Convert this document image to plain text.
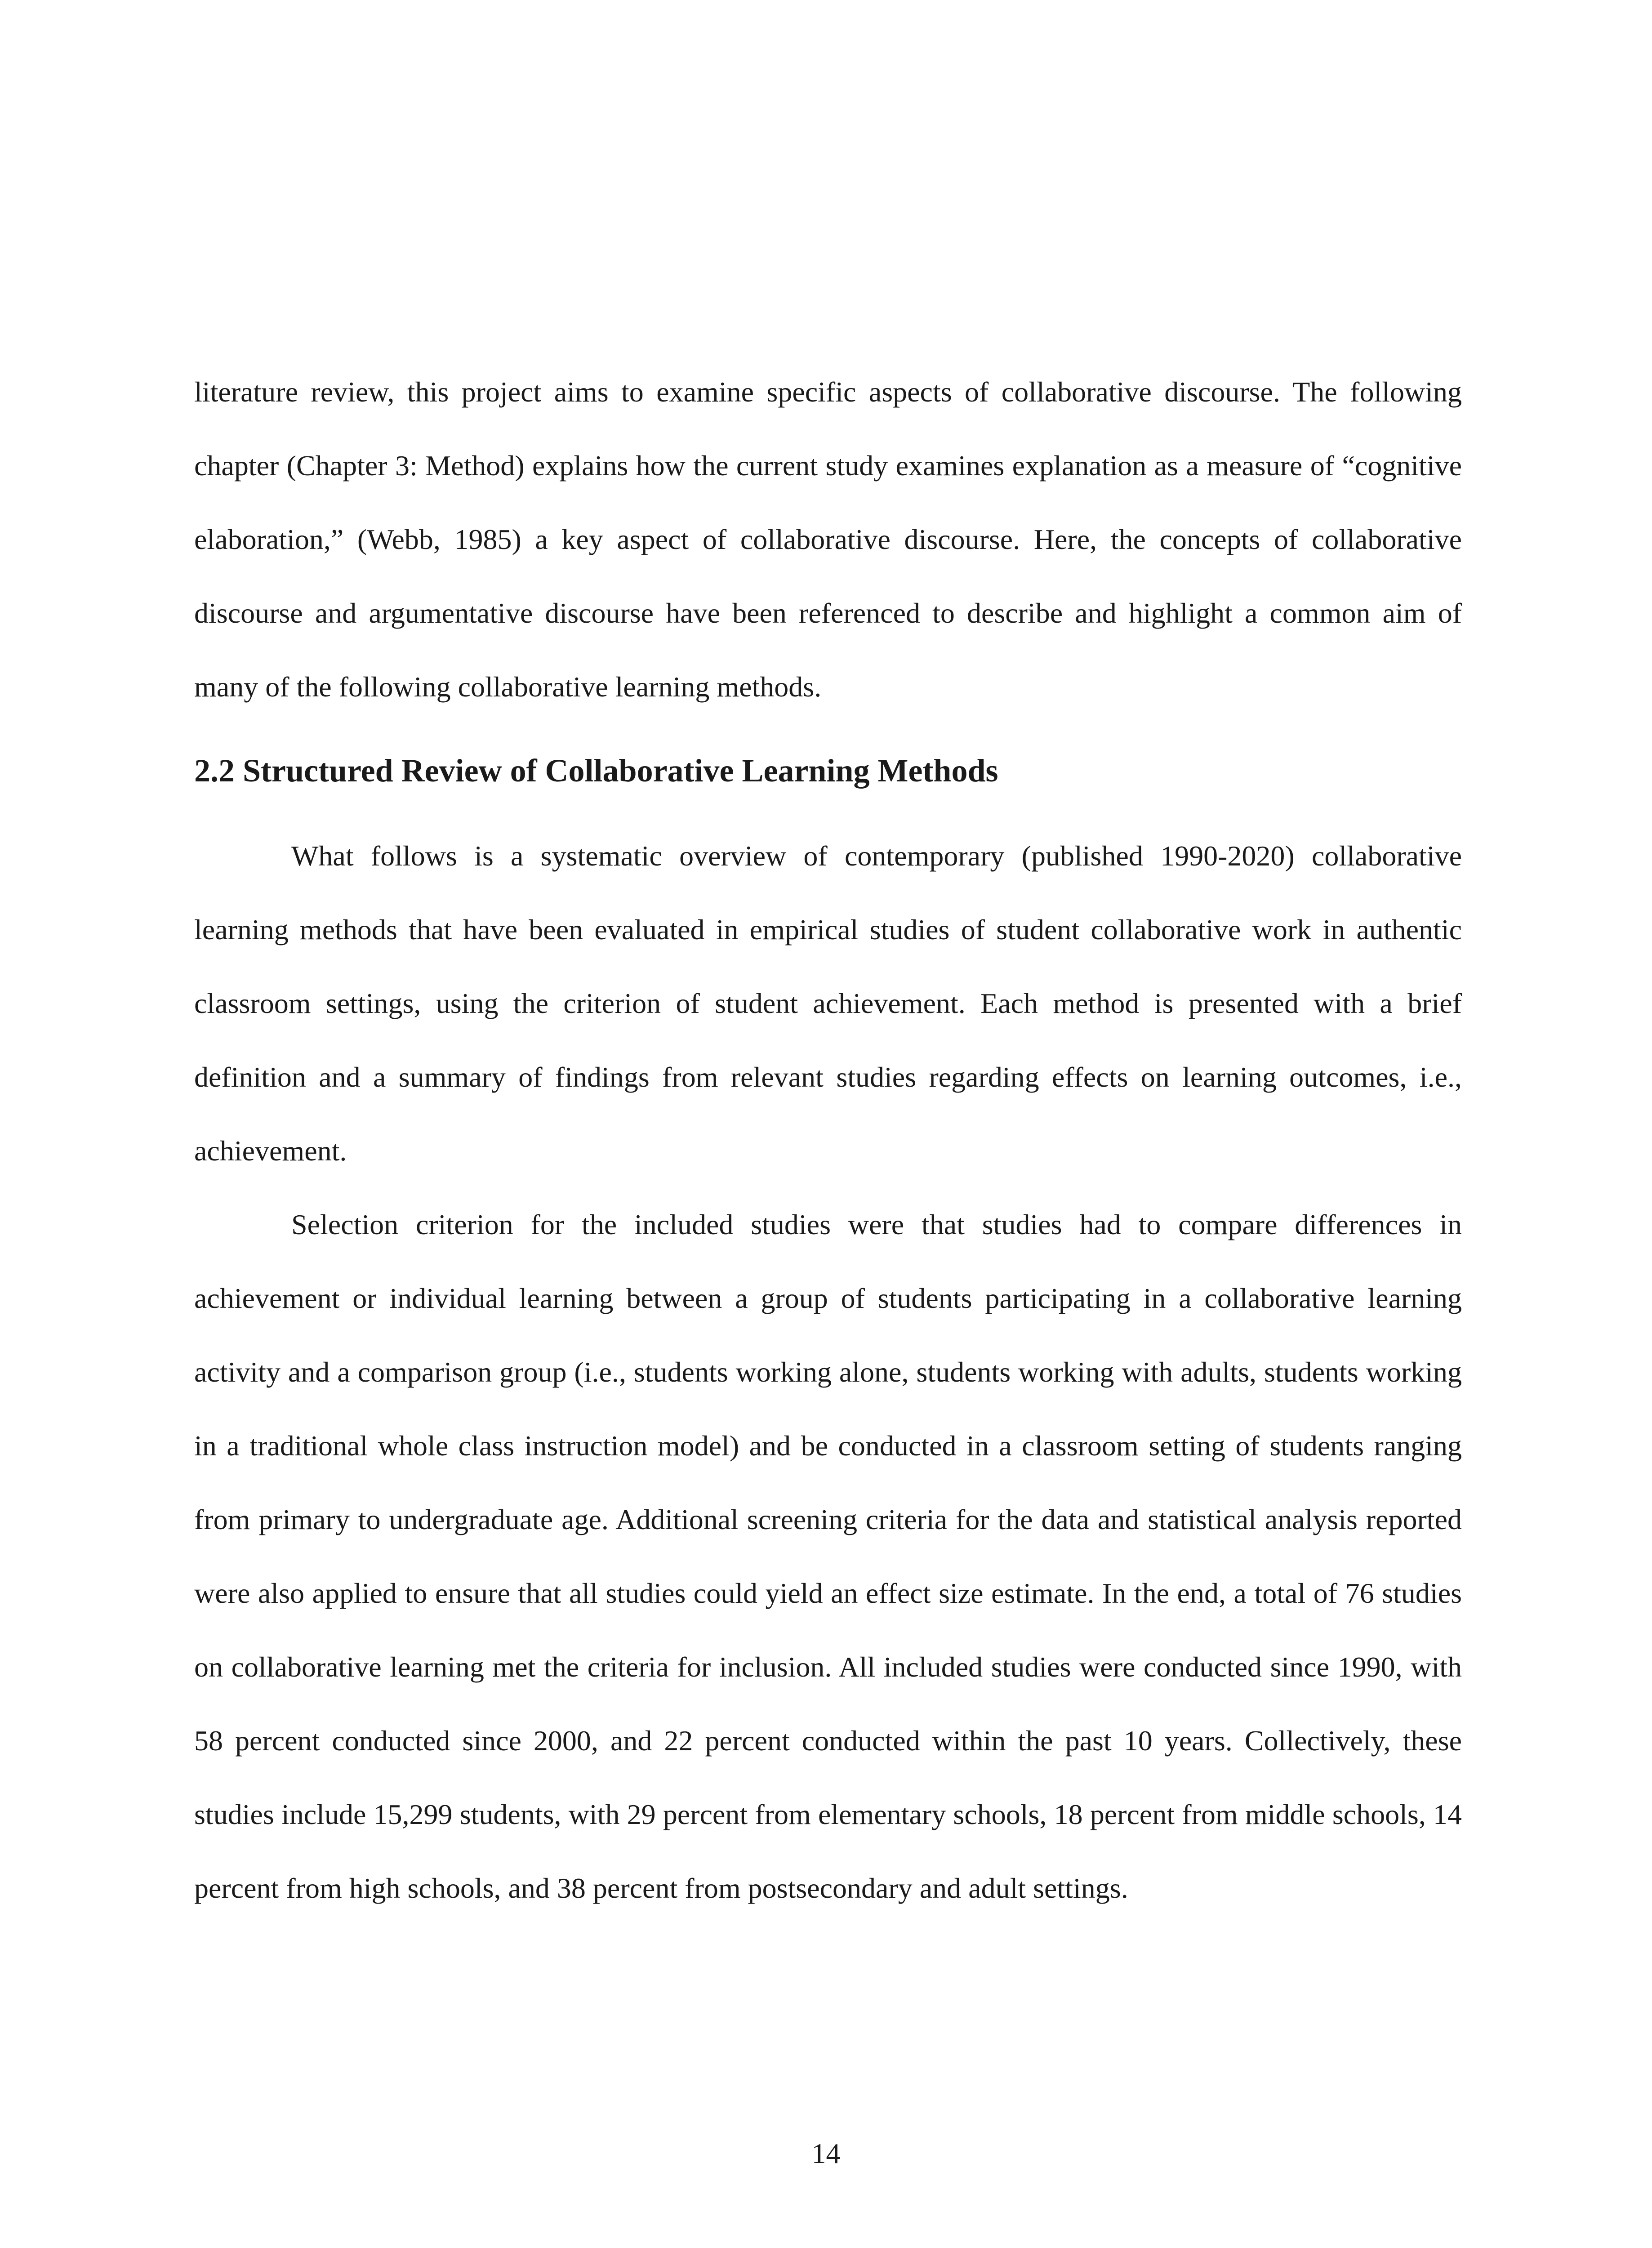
literature review, this project aims to examine specific aspects of collaborative discourse. The following chapter (Chapter 3: Method) explains how the current study examines explanation as a measure of “cognitive elaboration,” (Webb, 1985) a key aspect of collaborative discourse. Here, the concepts of collaborative discourse and argumentative discourse have been referenced to describe and highlight a common aim of many of the following collaborative learning methods.

2.2 Structured Review of Collaborative Learning Methods

What follows is a systematic overview of contemporary (published 1990-2020) collaborative learning methods that have been evaluated in empirical studies of student collaborative work in authentic classroom settings, using the criterion of student achievement. Each method is presented with a brief definition and a summary of findings from relevant studies regarding effects on learning outcomes, i.e., achievement.

Selection criterion for the included studies were that studies had to compare differences in achievement or individual learning between a group of students participating in a collaborative learning activity and a comparison group (i.e., students working alone, students working with adults, students working in a traditional whole class instruction model) and be conducted in a classroom setting of students ranging from primary to undergraduate age. Additional screening criteria for the data and statistical analysis reported were also applied to ensure that all studies could yield an effect size estimate. In the end, a total of 76 studies on collaborative learning met the criteria for inclusion. All included studies were conducted since 1990, with 58 percent conducted since 2000, and 22 percent conducted within the past 10 years. Collectively, these studies include 15,299 students, with 29 percent from elementary schools, 18 percent from middle schools, 14 percent from high schools, and 38 percent from postsecondary and adult settings.

14
